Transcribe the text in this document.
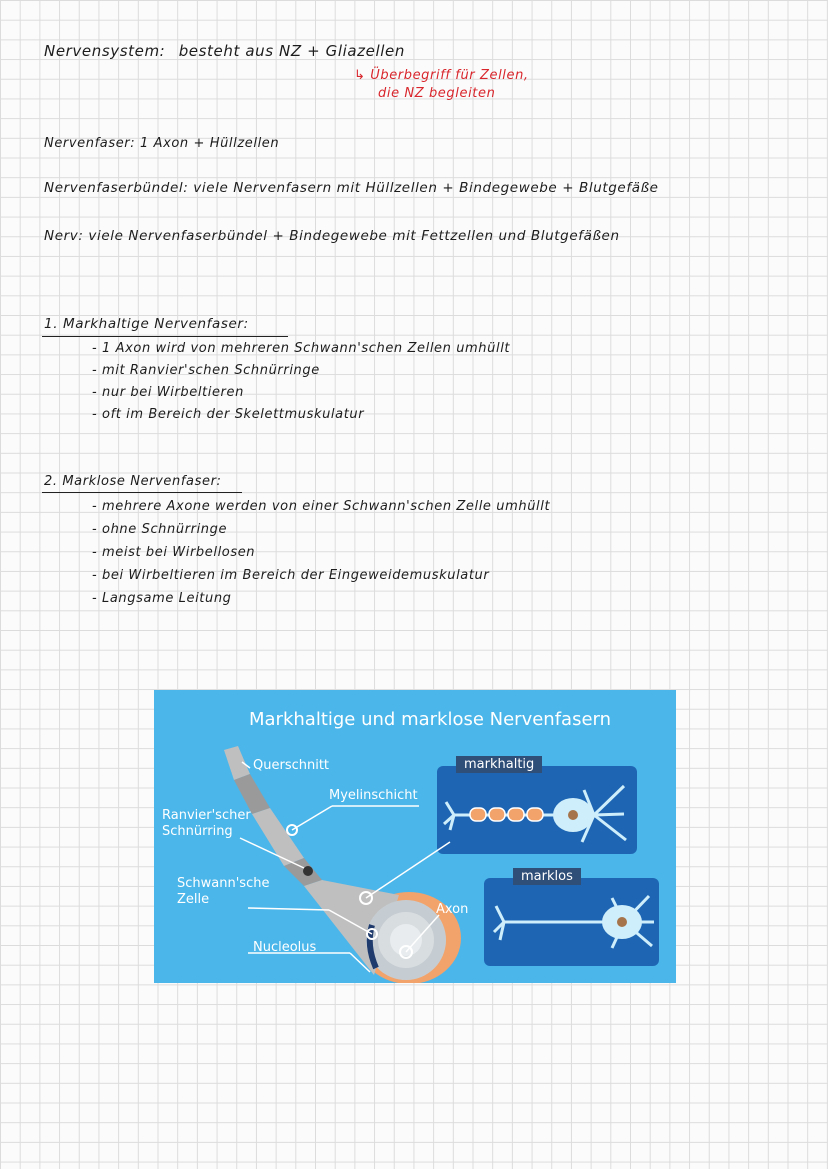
Nervensystem: besteht aus NZ + Gliazellen
↳ Überbegriff für Zellen,
die NZ begleiten
Nervenfaser: 1 Axon + Hüllzellen
Nervenfaserbündel: viele Nervenfasern mit Hüllzellen + Bindegewebe + Blutgefäße
Nerv: viele Nervenfaserbündel + Bindegewebe mit Fettzellen und Blutgefäßen
1. Markhaltige Nervenfaser:
- 1 Axon wird von mehreren Schwann'schen Zellen umhüllt
- mit Ranvier'schen Schnürringe
- nur bei Wirbeltieren
- oft im Bereich der Skelettmuskulatur
2. Marklose Nervenfaser:
- mehrere Axone werden von einer Schwann'schen Zelle umhüllt
- ohne Schnürringe
- meist bei Wirbellosen
- bei Wirbeltieren im Bereich der Eingeweidemuskulatur
- Langsame Leitung
Markhaltige und marklose Nervenfasern
Querschnitt
Myelinschicht
Ranvier'scher
Schnürring
Schwann'sche
Zelle
Axon
Nucleolus
markhaltig
marklos
